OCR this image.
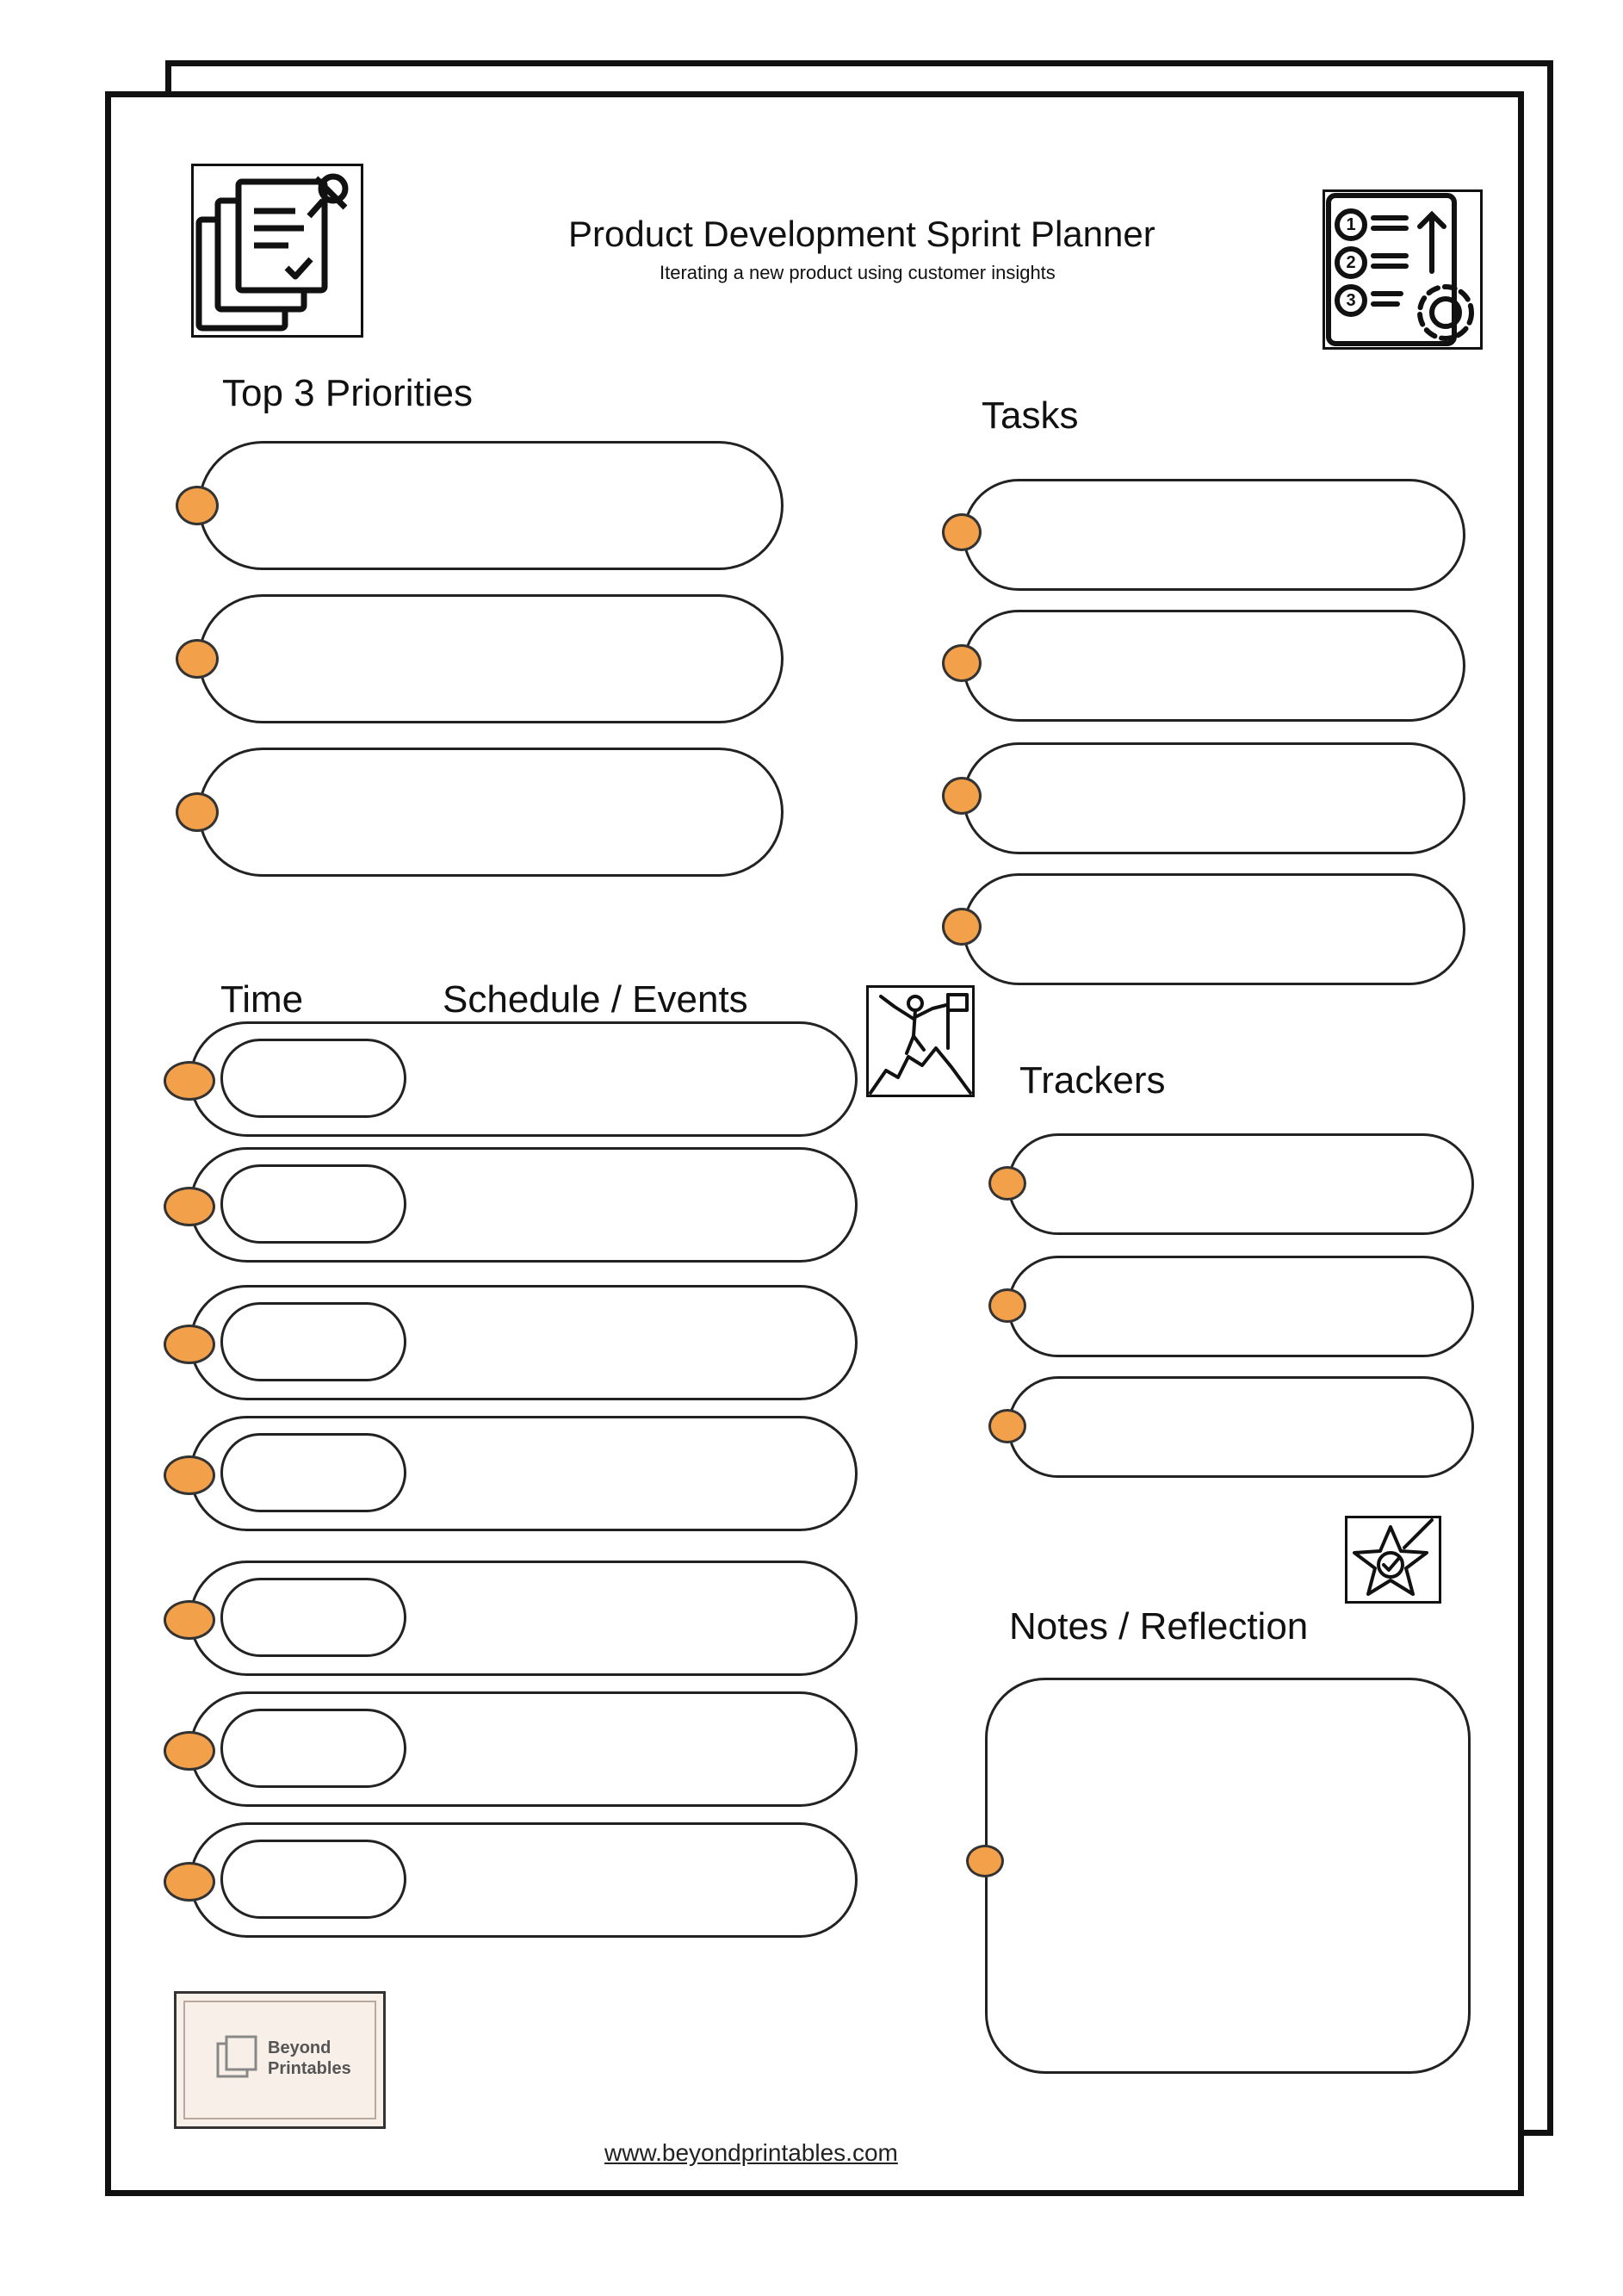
Product Development Sprint Planner
Iterating a new product using customer insights
1
2
3
Top 3 Priorities
Tasks
Time	Schedule / Events
Trackers
Notes / Reflection
Beyond
Printables
www.beyondprintables.com
